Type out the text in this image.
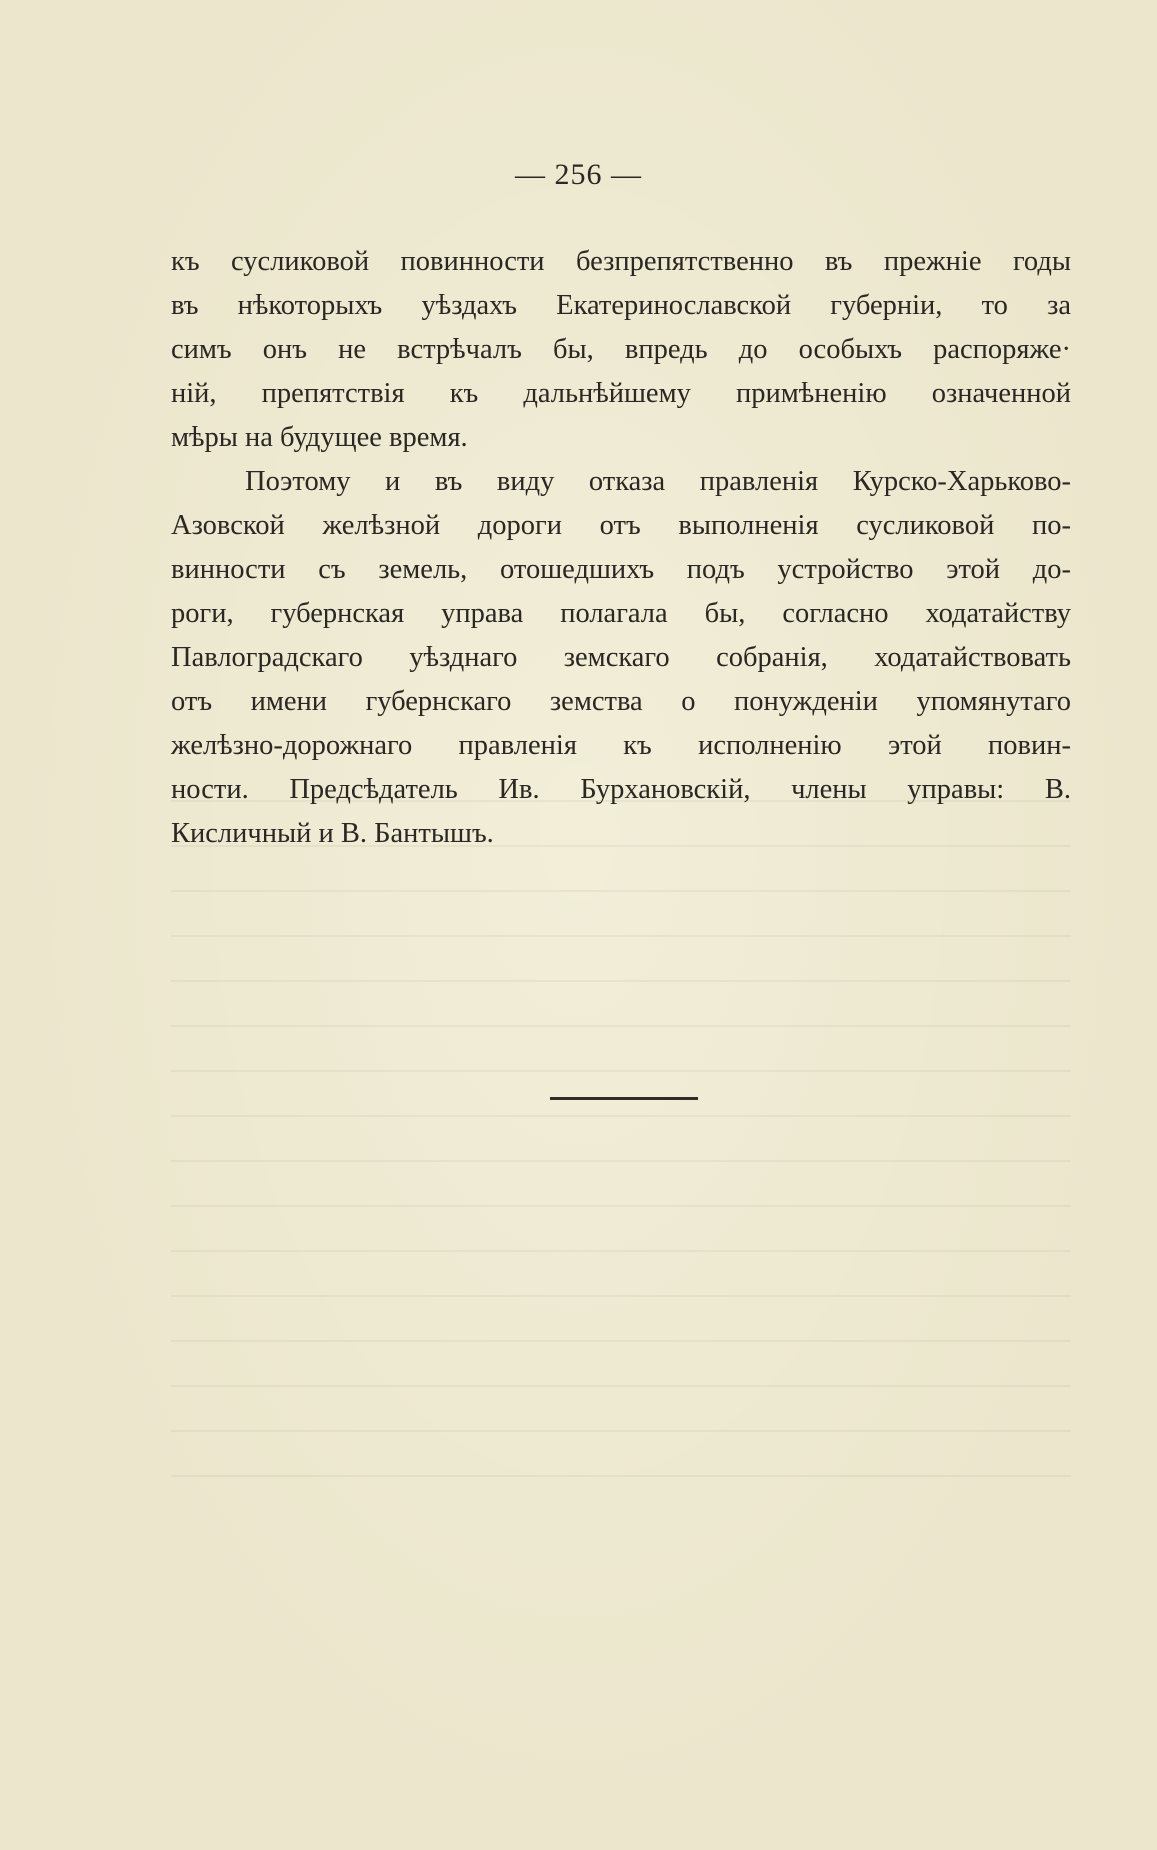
— 256 —
къ сусликовой повинности безпрепятственно въ прежніе годы
въ нѣкоторыхъ уѣздахъ Екатеринославской губерніи, то за
симъ онъ не встрѣчалъ бы, впредь до особыхъ распоряже·
ній, препятствія къ дальнѣйшему примѣненію означенной
мѣры на будущее время.
Поэтому и въ виду отказа правленія Курско-Харьково-
Азовской желѣзной дороги отъ выполненія сусликовой по-
винности съ земель, отошедшихъ подъ устройство этой до-
роги, губернская управа полагала бы, согласно ходатайству
Павлоградскаго уѣзднаго земскаго собранія, ходатайствовать
отъ имени губернскаго земства о понужденіи упомянутаго
желѣзно-дорожнаго правленія къ исполненію этой повин-
ности. Предсѣдатель Ив. Бурхановскій, члены управы: В.
Кисличный и В. Бантышъ.
